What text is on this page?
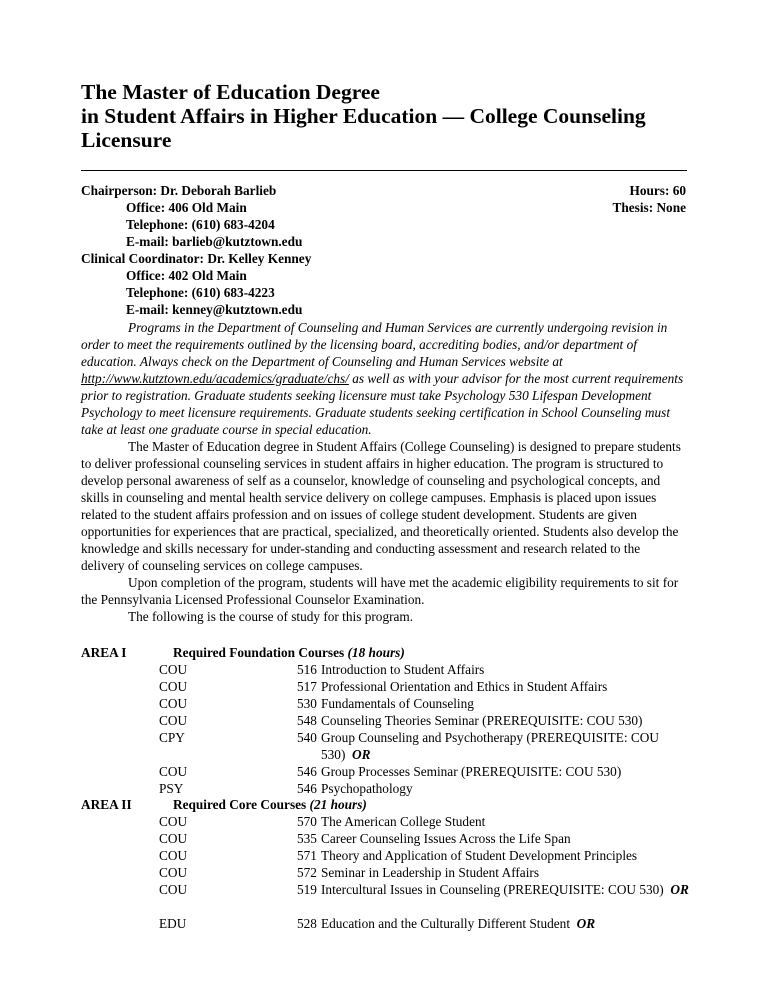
The Master of Education Degree
in Student Affairs in Higher Education — College Counseling
Licensure
Chairperson: Dr. Deborah Barlieb
Office: 406 Old Main
Telephone: (610) 683-4204
E-mail: barlieb@kutztown.edu
Clinical Coordinator: Dr. Kelley Kenney
Office: 402 Old Main
Telephone: (610) 683-4223
E-mail: kenney@kutztown.edu
Hours: 60
Thesis: None

Programs in the Department of Counseling and Human Services are currently undergoing revision in order to meet the requirements outlined by the licensing board, accrediting bodies, and/or department of education. Always check on the Department of Counseling and Human Services website at http://www.kutztown.edu/academics/graduate/chs/ as well as with your advisor for the most current requirements prior to registration. Graduate students seeking licensure must take Psychology 530 Lifespan Development Psychology to meet licensure requirements. Graduate students seeking certification in School Counseling must take at least one graduate course in special education.

The Master of Education degree in Student Affairs (College Counseling) is designed to prepare students to deliver professional counseling services in student affairs in higher education. The program is structured to develop personal awareness of self as a counselor, knowledge of counseling and psychological concepts, and skills in counseling and mental health service delivery on college campuses. Emphasis is placed upon issues related to the student affairs profession and on issues of college student development. Students are given opportunities for experiences that are practical, specialized, and theoretically oriented. Students also develop the knowledge and skills necessary for under-standing and conducting assessment and research related to the delivery of counseling services on college campuses.

Upon completion of the program, students will have met the academic eligibility requirements to sit for the Pennsylvania Licensed Professional Counselor Examination.

The following is the course of study for this program.

AREA I	Required Foundation Courses (18 hours)
COU	516 Introduction to Student Affairs
COU	517 Professional Orientation and Ethics in Student Affairs
COU	530 Fundamentals of Counseling
COU	548 Counseling Theories Seminar (PREREQUISITE: COU 530)
CPY	540 Group Counseling and Psychotherapy (PREREQUISITE: COU 530)  OR
COU	546 Group Processes Seminar (PREREQUISITE: COU 530)
PSY	546 Psychopathology
AREA II	Required Core Courses (21 hours)
COU	570 The American College Student
COU	535 Career Counseling Issues Across the Life Span
COU	571 Theory and Application of Student Development Principles
COU	572 Seminar in Leadership in Student Affairs
COU	519 Intercultural Issues in Counseling (PREREQUISITE: COU 530)  OR
EDU	528 Education and the Culturally Different Student  OR
